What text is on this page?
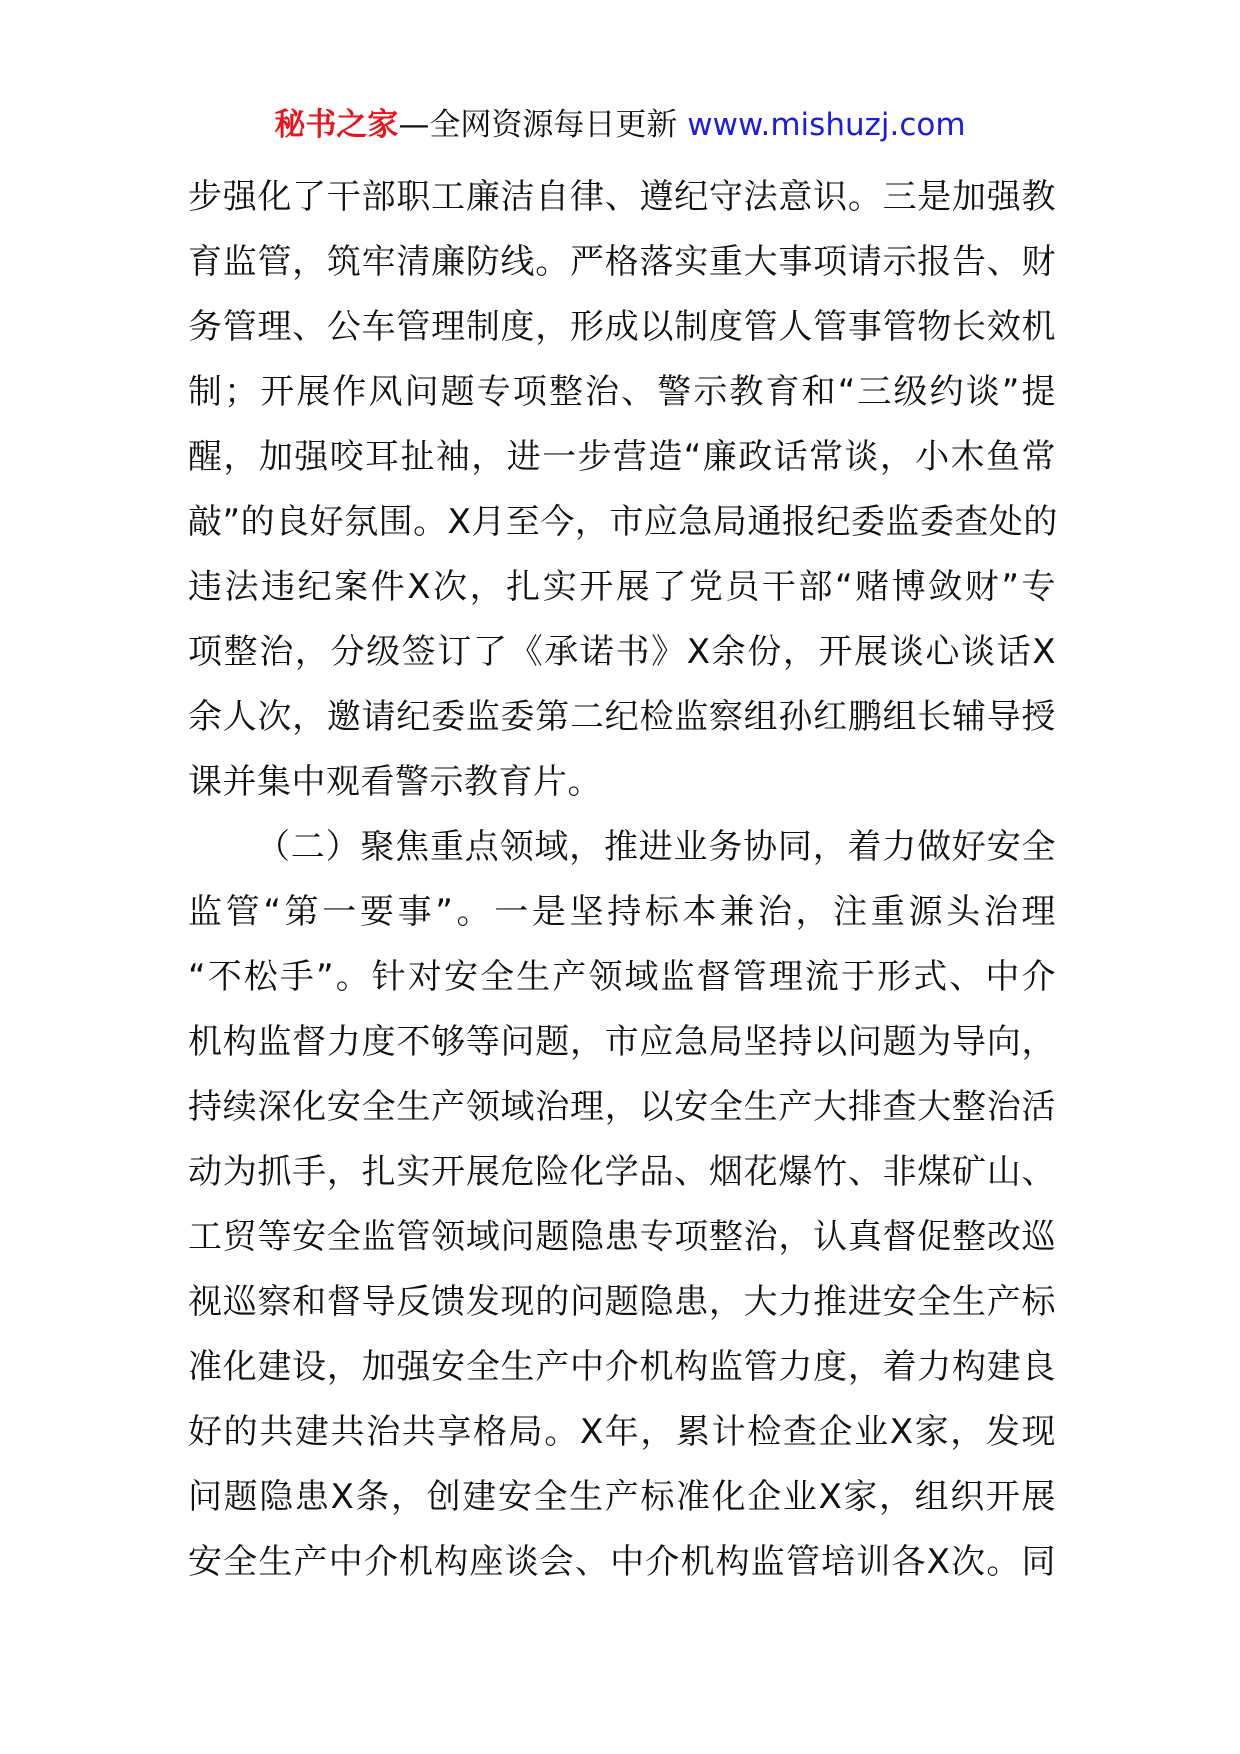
秘书之家—全网资源每日更新 www.mishuzj.com
步强化了干部职工廉洁自律、遵纪守法意识。三是加强教
育监管，筑牢清廉防线。严格落实重大事项请示报告、财
务管理、公车管理制度，形成以制度管人管事管物长效机
制；开展作风问题专项整治、警示教育和“三级约谈”提
醒，加强咬耳扯袖，进一步营造“廉政话常谈，小木鱼常
敲”的良好氛围。X月至今，市应急局通报纪委监委查处的
违法违纪案件X次，扎实开展了党员干部“赌博敛财”专
项整治，分级签订了《承诺书》X余份，开展谈心谈话X
余人次，邀请纪委监委第二纪检监察组孙红鹏组长辅导授
课并集中观看警示教育片。
（二）聚焦重点领域，推进业务协同，着力做好安全
监管“第一要事”。一是坚持标本兼治，注重源头治理
“不松手”。针对安全生产领域监督管理流于形式、中介
机构监督力度不够等问题，市应急局坚持以问题为导向，
持续深化安全生产领域治理，以安全生产大排查大整治活
动为抓手，扎实开展危险化学品、烟花爆竹、非煤矿山、
工贸等安全监管领域问题隐患专项整治，认真督促整改巡
视巡察和督导反馈发现的问题隐患，大力推进安全生产标
准化建设，加强安全生产中介机构监管力度，着力构建良
好的共建共治共享格局。X年，累计检查企业X家，发现
问题隐患X条，创建安全生产标准化企业X家，组织开展
安全生产中介机构座谈会、中介机构监管培训各X次。同
